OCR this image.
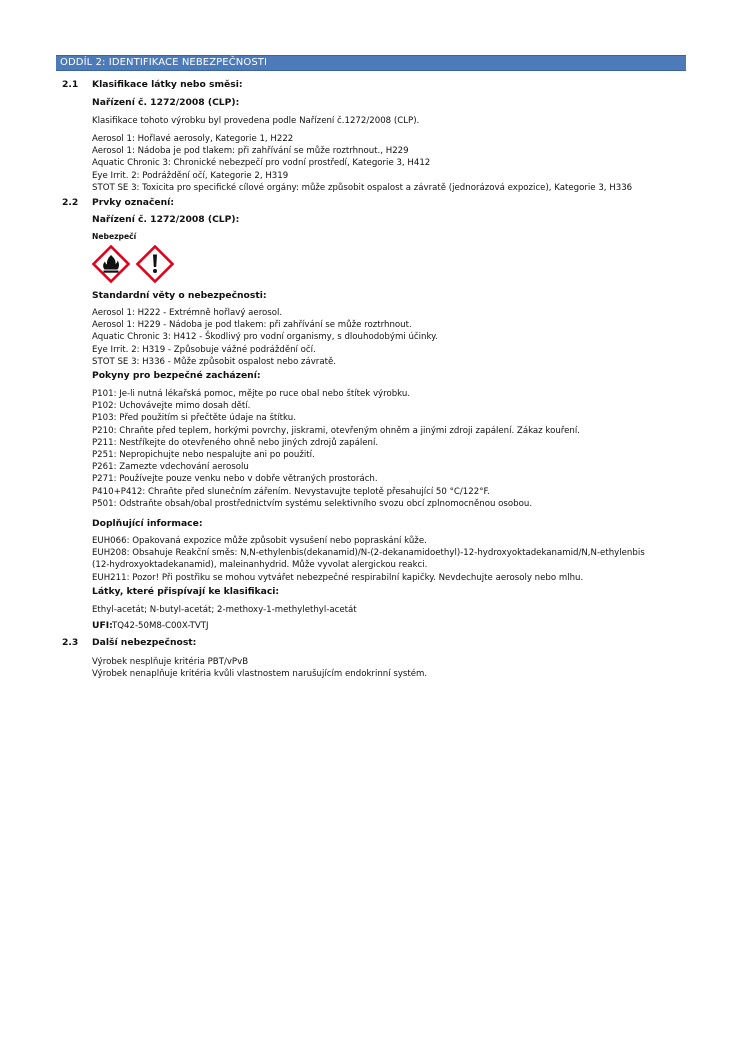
ODDÍL 2: IDENTIFIKACE NEBEZPEČNOSTI
2.1 Klasifikace látky nebo směsi:
Nařízení č. 1272/2008 (CLP):
Klasifikace tohoto výrobku byl provedena podle Nařízení č.1272/2008 (CLP).
Aerosol 1: Hořlavé aerosoly, Kategorie 1, H222
Aerosol 1: Nádoba je pod tlakem: při zahřívání se může roztrhnout., H229
Aquatic Chronic 3: Chronické nebezpečí pro vodní prostředí, Kategorie 3, H412
Eye Irrit. 2: Podráždění očí, Kategorie 2, H319
STOT SE 3: Toxicita pro specifické cílové orgány: může způsobit ospalost a závratě (jednorázová expozice), Kategorie 3, H336
2.2 Prvky označení:
Nařízení č. 1272/2008 (CLP):
Nebezpečí
Standardní věty o nebezpečnosti:
Aerosol 1: H222 - Extrémně hořlavý aerosol.
Aerosol 1: H229 - Nádoba je pod tlakem: při zahřívání se může roztrhnout.
Aquatic Chronic 3: H412 - Škodlivý pro vodní organismy, s dlouhodobými účinky.
Eye Irrit. 2: H319 - Způsobuje vážné podráždění očí.
STOT SE 3: H336 - Může způsobit ospalost nebo závratě.
Pokyny pro bezpečné zacházení:
P101: Je-li nutná lékařská pomoc, mějte po ruce obal nebo štítek výrobku.
P102: Uchovávejte mimo dosah dětí.
P103: Před použitím si přečtěte údaje na štítku.
P210: Chraňte před teplem, horkými povrchy, jiskrami, otevřeným ohněm a jinými zdroji zapálení. Zákaz kouření.
P211: Nestříkejte do otevřeného ohně nebo jiných zdrojů zapálení.
P251: Nepropichujte nebo nespalujte ani po použití.
P261: Zamezte vdechování aerosolu
P271: Používejte pouze venku nebo v dobře větraných prostorách.
P410+P412: Chraňte před slunečním zářením. Nevystavujte teplotě přesahující 50 °C/122°F.
P501: Odstraňte obsah/obal prostřednictvím systému selektivního svozu obcí zplnomocněnou osobou.
Doplňující informace:
EUH066: Opakovaná expozice může způsobit vysušení nebo popraskání kůže.
EUH208: Obsahuje Reakční směs: N,N-ethylenbis(dekanamid)/N-(2-dekanamidoethyl)-12-hydroxyoktadekanamid/N,N-ethylenbis
(12-hydroxyoktadekanamid), maleinanhydrid. Může vyvolat alergickou reakci.
EUH211: Pozor! Při postřiku se mohou vytvářet nebezpečné respirabilní kapičky. Nevdechujte aerosoly nebo mlhu.
Látky, které přispívají ke klasifikaci:
Ethyl-acetát; N-butyl-acetát; 2-methoxy-1-methylethyl-acetát
UFI: TQ42-50M8-C00X-TVTJ
2.3 Další nebezpečnost:
Výrobek nesplňuje kritéria PBT/vPvB
Výrobek nenaplňuje kritéria kvůli vlastnostem narušujícím endokrinní systém.
